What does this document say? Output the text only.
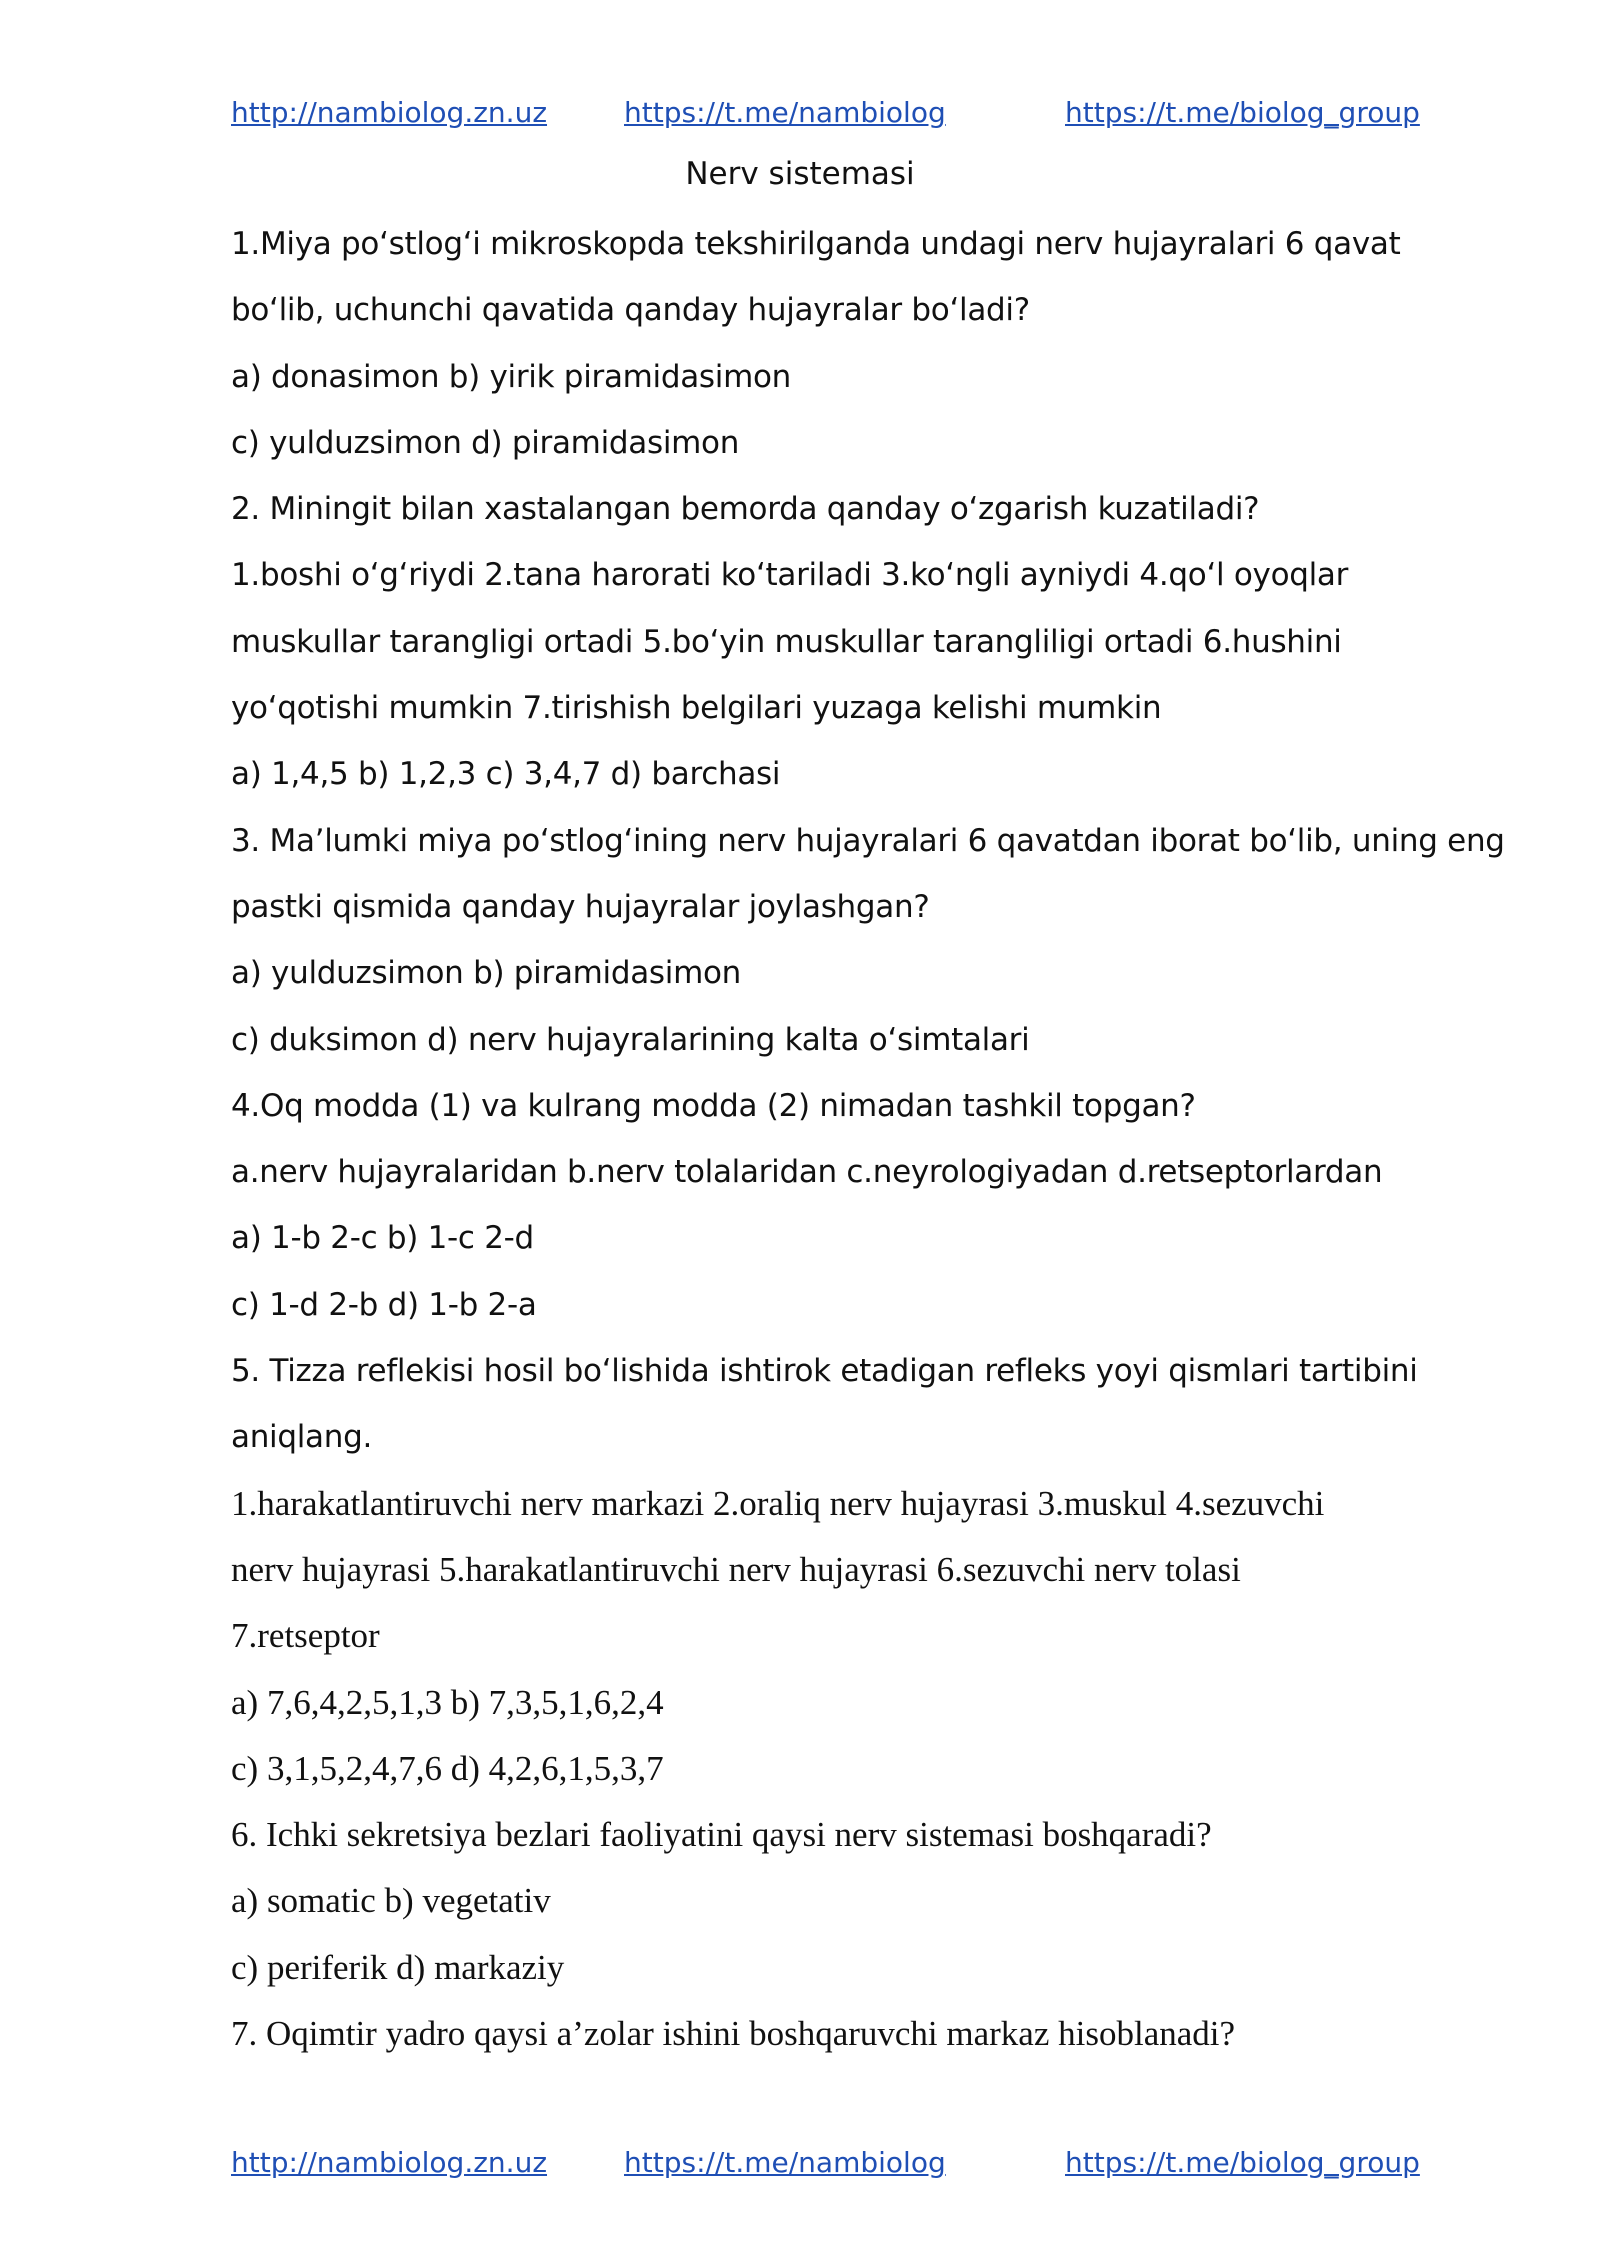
http://nambiolog.zn.uz	https://t.me/nambiolog	https://t.me/biolog_group
Nerv sistemasi
1.Miya poʻstlogʻi mikroskopda tekshirilganda undagi nerv hujayralari 6 qavat
boʻlib, uchunchi qavatida qanday hujayralar boʻladi?
a) donasimon b) yirik piramidasimon
c) yulduzsimon d) piramidasimon
2. Miningit bilan xastalangan bemorda qanday oʻzgarish kuzatiladi?
1.boshi oʻgʻriydi 2.tana harorati koʻtariladi 3.koʻngli ayniydi 4.qoʻl oyoqlar
muskullar tarangligi ortadi 5.boʻyin muskullar tarangliligi ortadi 6.hushini
yoʻqotishi mumkin 7.tirishish belgilari yuzaga kelishi mumkin
a) 1,4,5 b) 1,2,3 c) 3,4,7 d) barchasi
3. Ma’lumki miya poʻstlogʻining nerv hujayralari 6 qavatdan iborat boʻlib, uning eng
pastki qismida qanday hujayralar joylashgan?
a) yulduzsimon b) piramidasimon
c) duksimon d) nerv hujayralarining kalta oʻsimtalari
4.Oq modda (1) va kulrang modda (2) nimadan tashkil topgan?
a.nerv hujayralaridan b.nerv tolalaridan c.neyrologiyadan d.retseptorlardan
a) 1-b 2-c b) 1-c 2-d
c) 1-d 2-b d) 1-b 2-a
5. Tizza reflekisi hosil boʻlishida ishtirok etadigan refleks yoyi qismlari tartibini
aniqlang.
1.harakatlantiruvchi nerv markazi 2.oraliq nerv hujayrasi 3.muskul 4.sezuvchi
nerv hujayrasi 5.harakatlantiruvchi nerv hujayrasi 6.sezuvchi nerv tolasi
7.retseptor
a) 7,6,4,2,5,1,3 b) 7,3,5,1,6,2,4
c) 3,1,5,2,4,7,6 d) 4,2,6,1,5,3,7
6. Ichki sekretsiya bezlari faoliyatini qaysi nerv sistemasi boshqaradi?
a) somatic b) vegetativ
c) periferik d) markaziy
7. Oqimtir yadro qaysi a’zolar ishini boshqaruvchi markaz hisoblanadi?
http://nambiolog.zn.uz	https://t.me/nambiolog	https://t.me/biolog_group
